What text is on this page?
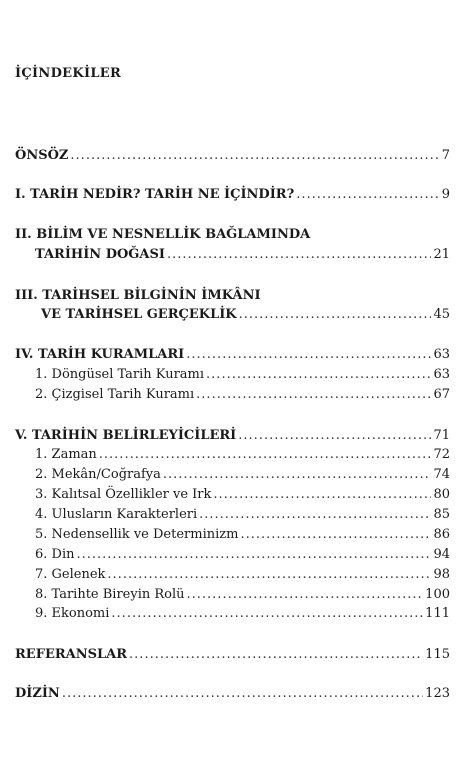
İÇİNDEKİLER
ÖNSÖZ .....	7
I. TARİH NEDİR? TARİH NE İÇİNDİR? .....	9
II. BİLİM VE NESNELLİK BAĞLAMINDA
TARİHİN DOĞASI .....	21
III. TARİHSEL BİLGİNİN İMKÂNI
VE TARİHSEL GERÇEKLİK .....	45
IV. TARİH KURAMLARI .....	63
1. Döngüsel Tarih Kuramı .....	63
2. Çizgisel Tarih Kuramı .....	67
V. TARİHİN BELİRLEYİCİLERİ .....	71
1. Zaman .....	72
2. Mekân/Coğrafya .....	74
3. Kalıtsal Özellikler ve Irk .....	80
4. Ulusların Karakterleri .....	85
5. Nedensellik ve Determinizm .....	86
6. Din .....	94
7. Gelenek .....	98
8. Tarihte Bireyin Rolü .....	100
9. Ekonomi .....	111
REFERANSLAR .....	115
DİZİN .....	123
